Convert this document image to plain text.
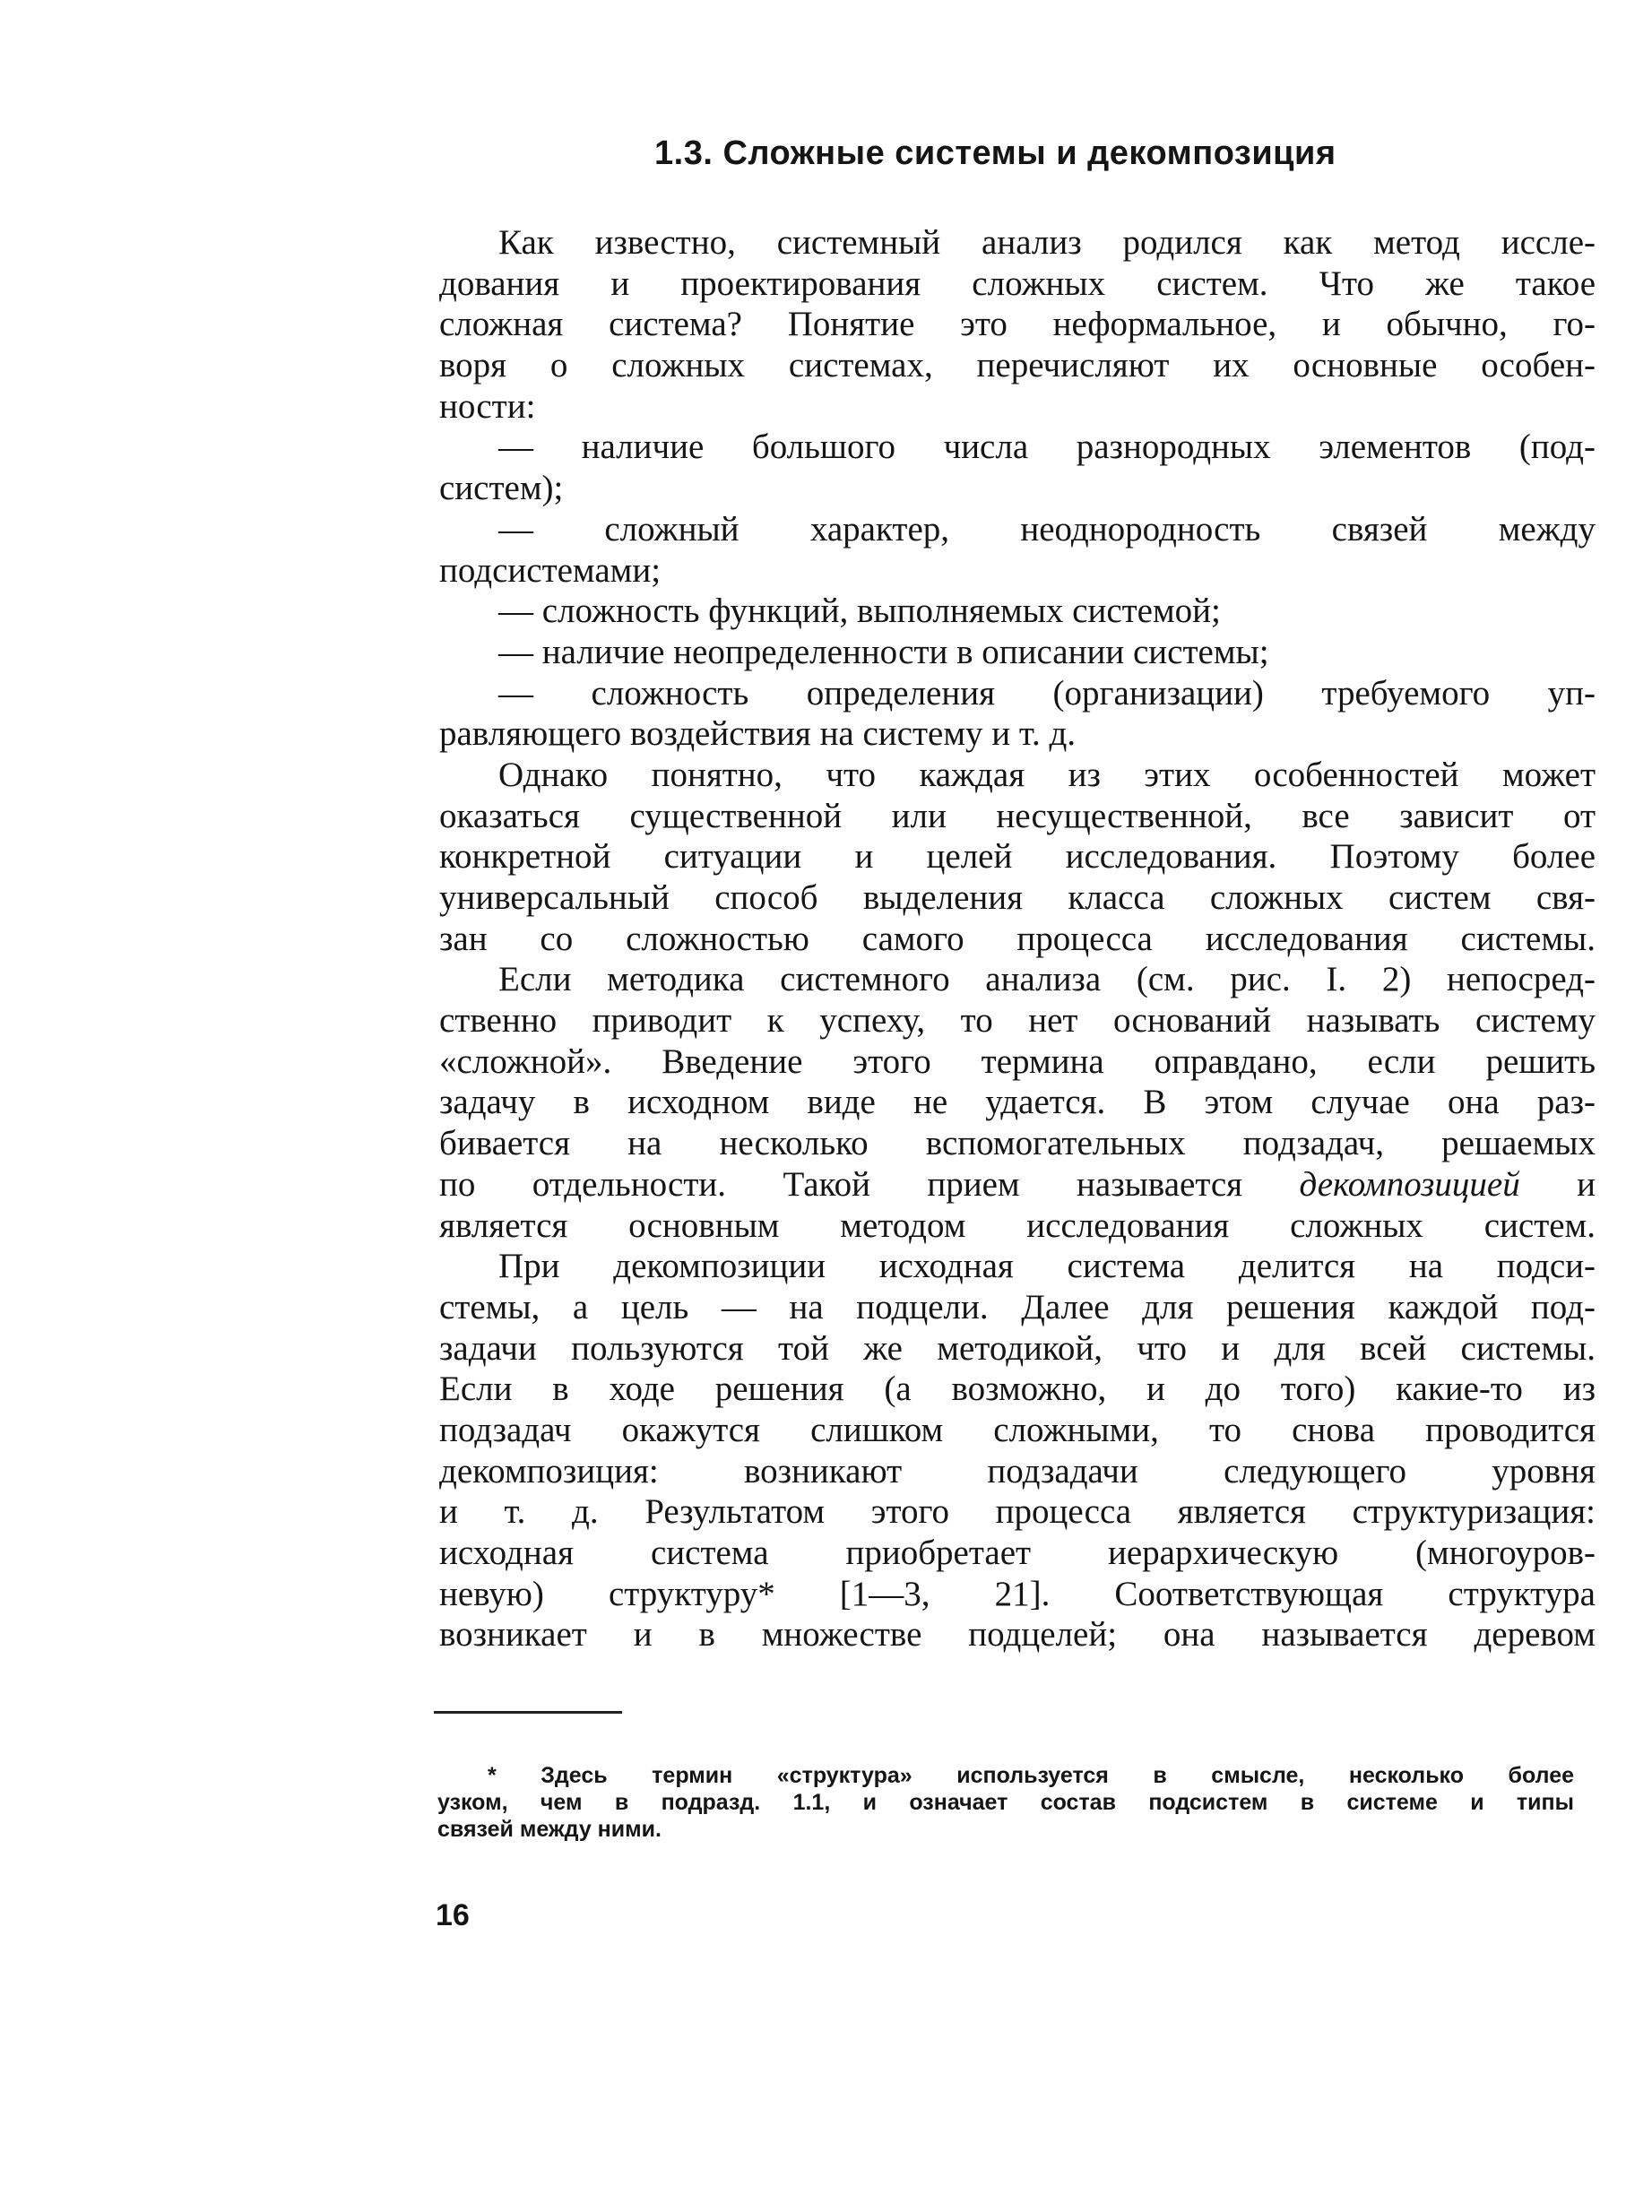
1.3. Сложные системы и декомпозиция
Как известно, системный анализ родился как метод иссле-
дования и проектирования сложных систем. Что же такое
сложная система? Понятие это неформальное, и обычно, го-
воря о сложных системах, перечисляют их основные особен-
ности:
— наличие большого числа разнородных элементов (под-
систем);
— сложный характер, неоднородность связей между
подсистемами;
— сложность функций, выполняемых системой;
— наличие неопределенности в описании системы;
— сложность определения (организации) требуемого уп-
равляющего воздействия на систему и т. д.
Однако понятно, что каждая из этих особенностей может
оказаться существенной или несущественной, все зависит от
конкретной ситуации и целей исследования. Поэтому более
универсальный способ выделения класса сложных систем свя-
зан со сложностью самого процесса исследования системы.
Если методика системного анализа (см. рис. I. 2) непосред-
ственно приводит к успеху, то нет оснований называть систему
«сложной». Введение этого термина оправдано, если решить
задачу в исходном виде не удается. В этом случае она раз-
бивается на несколько вспомогательных подзадач, решаемых
по отдельности. Такой прием называется декомпозицией и
является основным методом исследования сложных систем.
При декомпозиции исходная система делится на подси-
стемы, а цель — на подцели. Далее для решения каждой под-
задачи пользуются той же методикой, что и для всей системы.
Если в ходе решения (а возможно, и до того) какие-то из
подзадач окажутся слишком сложными, то снова проводится
декомпозиция: возникают подзадачи следующего уровня
и т. д. Результатом этого процесса является структуризация:
исходная система приобретает иерархическую (многоуров-
невую) структуру* [1—3, 21]. Соответствующая структура
возникает и в множестве подцелей; она называется деревом
* Здесь термин «структура» используется в смысле, несколько более
узком, чем в подразд. 1.1, и означает состав подсистем в системе и типы
связей между ними.
16
